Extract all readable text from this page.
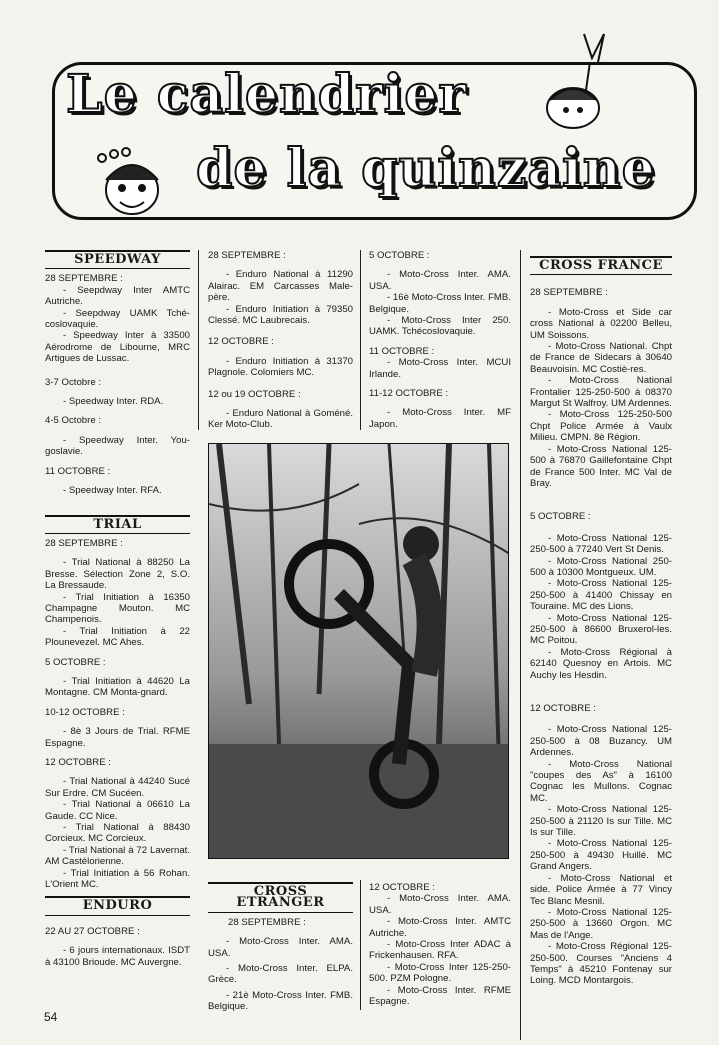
Le calendrier
de la quinzaine
SPEEDWAY

28 SEPTEMBRE :

- Seepdway Inter AMTC Autriche.

- Seepdway UAMK Tché-coslovaquie.

- Speedway Inter à 33500 Aérodrome de Libourne, MRC Artigues de Lussac.

3-7 Octobre :

- Speedway Inter. RDA.

4-5 Octobre :

- Speedway Inter. You-goslavie.

11 OCTOBRE :

- Speedway Inter. RFA.

TRIAL

28 SEPTEMBRE :

- Trial National à 88250 La Bresse. Sélection Zone 2, S.O. La Bressaude.

- Trial Initiation à 16350 Champagne Mouton. MC Champenois.

- Trial Initiation à 22 Plounevezel. MC Ahes.

5 OCTOBRE :

- Trial Initiation à 44620 La Montagne. CM Monta-gnard.

10-12 OCTOBRE :

- 8è 3 Jours de Trial. RFME Espagne.

12 OCTOBRE :

- Trial National à 44240 Sucé Sur Erdre. CM Sucéen.

- Trial National à 06610 La Gaude. CC Nice.

- Trial National à 88430 Corcieux. MC Corcieux.

- Trial National à 72 Lavernat. AM Castélorienne.

- Trial Initiation à 56 Rohan. L'Orient MC.

ENDURO

22 AU 27 OCTOBRE :

- 6 jours internationaux. ISDT à 43100 Brioude. MC Auvergne.

28 SEPTEMBRE :

- Enduro National à 11290 Alairac. EM Carcasses Male-père.

- Enduro Initiation à 79350 Clessé. MC Laubrecais.

12 OCTOBRE :

- Enduro Initiation à 31370 Plagnole. Colomiers MC.

12 ou 19 OCTOBRE :

- Enduro National à Goméné. Ker Moto-Club.

5 OCTOBRE :

- Moto-Cross Inter. AMA. USA.

- 16è Moto-Cross Inter. FMB. Belgique.

- Moto-Cross Inter 250. UAMK. Tchécoslovaquie.

11 OCTOBRE :

- Moto-Cross Inter. MCUI Irlande.

11-12 OCTOBRE :

- Moto-Cross Inter. MF Japon.

CROSS ETRANGER

28 SEPTEMBRE :

- Moto-Cross Inter. AMA. USA.

- Moto-Cross Inter. ELPA. Grèce.

- 21è Moto-Cross Inter. FMB. Belgique.

12 OCTOBRE :

- Moto-Cross Inter. AMA. USA.

- Moto-Cross Inter. AMTC Autriche.

- Moto-Cross Inter ADAC à Frickenhausen. RFA.

- Moto-Cross Inter 125-250-500. PZM Pologne.

- Moto-Cross Inter. RFME Espagne.

CROSS FRANCE

28 SEPTEMBRE :

- Moto-Cross et Side car cross National à 02200 Belleu, UM Soissons.

- Moto-Cross National. Chpt de France de Sidecars à 30640 Beauvoisin. MC Costiè-res.

- Moto-Cross National Frontalier 125-250-500 à 08370 Margut St Walfroy. UM Ardennes.

- Moto-Cross 125-250-500 Chpt Police Armée à Vaulx Milieu. CMPN. 8è Région.

- Moto-Cross National 125-500 à 76870 Gaillefontaine Chpt de France 500 Inter. MC Val de Bray.

5 OCTOBRE :

- Moto-Cross National 125-250-500 à 77240 Vert St Denis.

- Moto-Cross National 250-500 à 10300 Montgueux. UM.

- Moto-Cross National 125-250-500 à 41400 Chissay en Touraine. MC des Lions.

- Moto-Cross National 125-250-500 à 86600 Bruxerol-les. MC Poitou.

- Moto-Cross Régional à 62140 Quesnoy en Artois. MC Auchy les Hesdin.

12 OCTOBRE :

- Moto-Cross National 125-250-500 à 08 Buzancy. UM Ardennes.

- Moto-Cross National "coupes des As" à 16100 Cognac les Mullons. Cognac MC.

- Moto-Cross National 125-250-500 à 21120 Is sur Tille. MC Is sur Tille.

- Moto-Cross National 125-250-500 à 49430 Huillé. MC Grand Angers.

- Moto-Cross National et side. Police Armée à 77 Vincy Tec Blanc Mesnil.

- Moto-Cross National 125-250-500 à 13660 Orgon. MC Mas de l'Ange.

- Moto-Cross Régional 125-250-500. Courses "Anciens 4 Temps" à 45210 Fontenay sur Loing. MCD Montargois.

54
